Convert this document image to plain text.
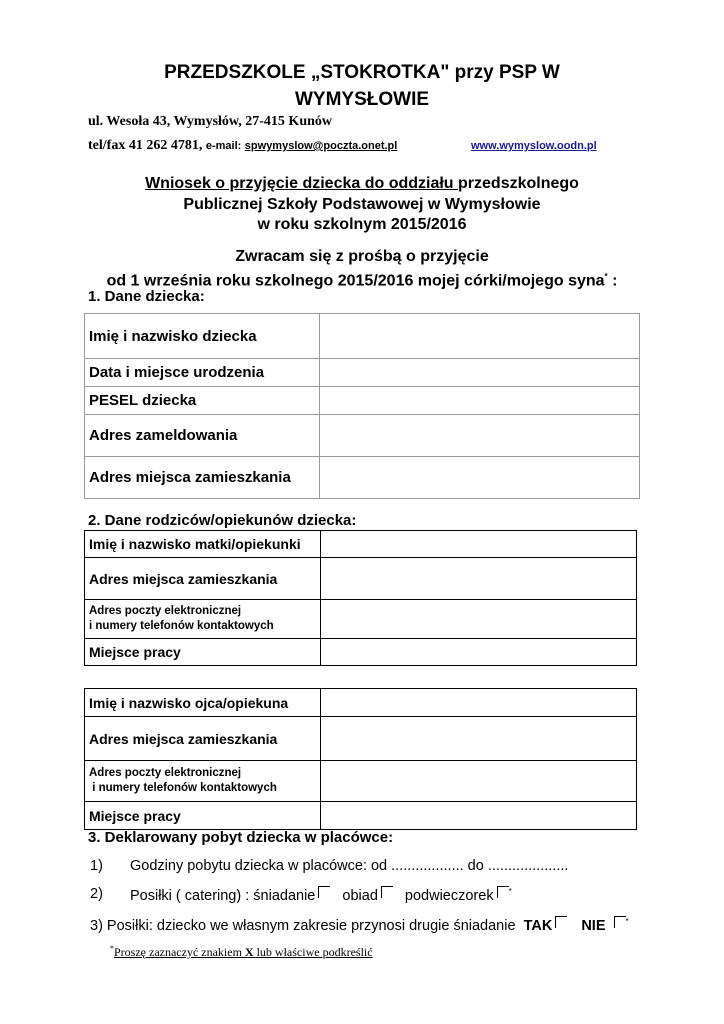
PRZEDSZKOLE „STOKROTKA" przy PSP W
WYMYSŁOWIE
ul. Wesoła 43, Wymysłów, 27-415 Kunów
tel/fax 41 262 4781, e-mail: spwymyslow@poczta.onet.pl	www.wymyslow.oodn.pl
Wniosek o przyjęcie dziecka do oddziału przedszkolnego
Publicznej Szkoły Podstawowej w Wymysłowie
w roku szkolnym 2015/2016
Zwracam się z prośbą o przyjęcie
od 1 września roku szkolnego 2015/2016 mojej córki/mojego syna* :
1. Dane dziecka:
Imię i nazwisko dziecka	
Data i miejsce urodzenia	
PESEL dziecka	
Adres zameldowania	
Adres miejsca zamieszkania	
2. Dane rodziców/opiekunów dziecka:
Imię i nazwisko matki/opiekunki	
Adres miejsca zamieszkania	

Adres poczty elektronicznej
i numery telefonów kontaktowych	

Miejsce pracy	
Imię i nazwisko ojca/opiekuna	
Adres miejsca zamieszkania	

Adres poczty elektronicznej
i numery telefonów kontaktowych	

Miejsce pracy	
3. Deklarowany pobyt dziecka w placówce:
1) Godziny pobytu dziecka w placówce: od .................. do ....................
2) Posiłki ( catering) : śniadanie obiad podwieczorek *
3) Posiłki: dziecko we własnym zakresie przynosi drugie śniadanie TAK NIE	*
*Proszę zaznaczyć znakiem X lub właściwe podkreślić
